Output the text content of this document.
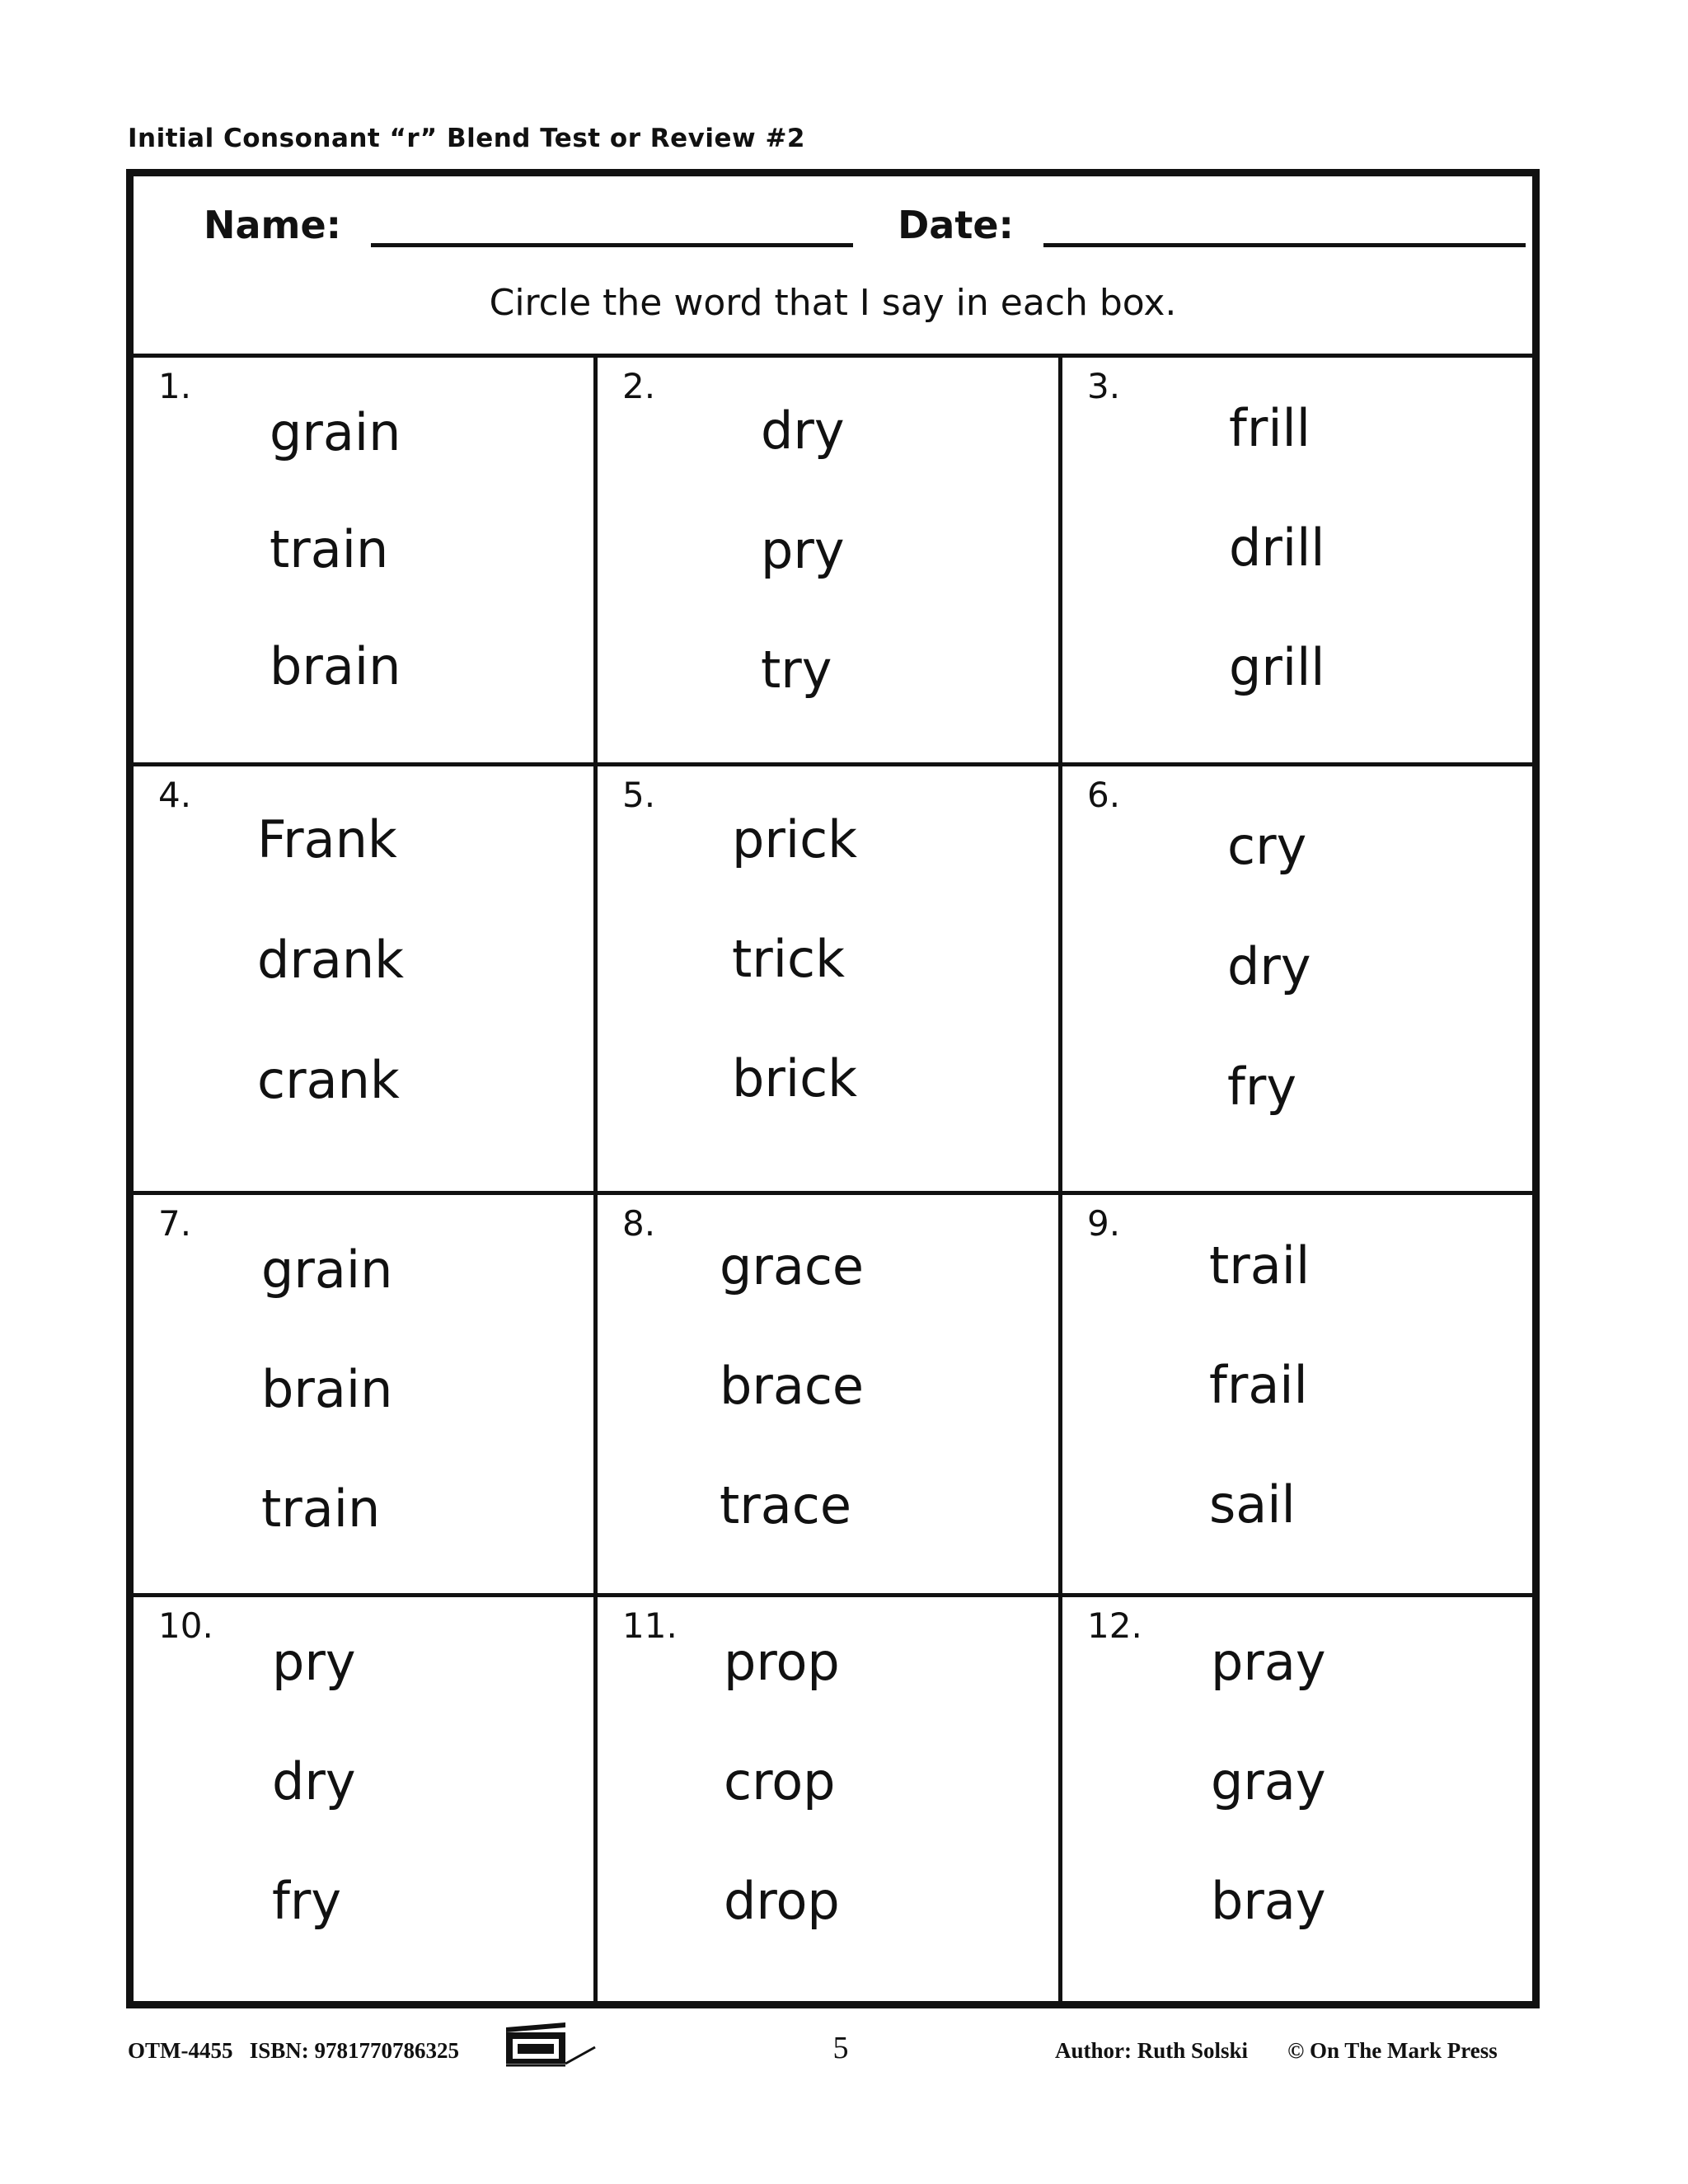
Initial Consonant “r” Blend Test or Review #2
Name:	Date:
Circle the word that I say in each box.
1.
grain
train
brain
2.
dry
pry
try
3.
frill
drill
grill
4.
Frank
drank
crank
5.
prick
trick
brick
6.
cry
dry
fry
7.
grain
brain
train
8.
grace
brace
trace
9.
trail
frail
sail
10.
pry
dry
fry
11.
prop
crop
drop
12.
pray
gray
bray
OTM-4455   ISBN: 9781770786325	5	Author: Ruth Solski © On The Mark Press
